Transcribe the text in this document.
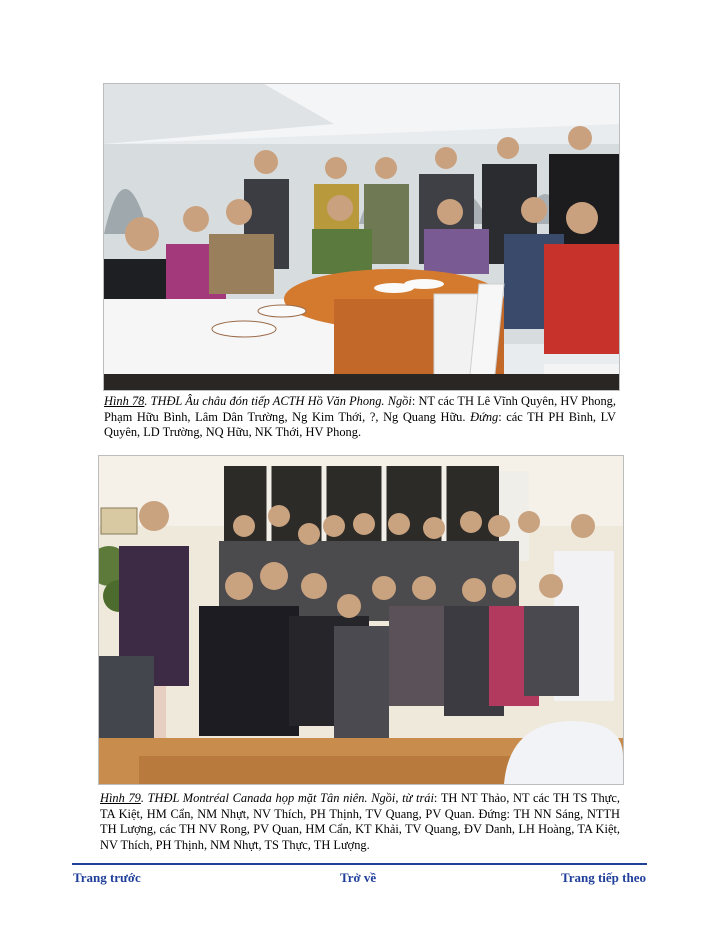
Hình 78. THĐL Âu châu đón tiếp ACTH Hồ Văn Phong. Ngồi: NT các TH Lê Vĩnh Quyên, HV Phong, Phạm Hữu Bình, Lâm Dân Trường, Ng Kim Thới, ?, Ng Quang Hữu. Đứng: các TH PH Bình, LV Quyên, LD Trường, NQ Hữu, NK Thới, HV Phong.
Hình 79. THĐL Montréal Canada họp mặt Tân niên. Ngồi, từ trái: TH NT Thảo, NT các TH TS Thực, TA Kiệt, HM Cẩn, NM Nhựt, NV Thích, PH Thịnh, TV Quang, PV Quan. Đứng: TH NN Sáng, NTTH TH Lượng, các TH NV Rong, PV Quan, HM Cẩn, KT Khải, TV Quang, ĐV Danh, LH Hoàng, TA Kiệt, NV Thích, PH Thịnh, NM Nhựt, TS Thực, TH Lượng.
Trang trước	Trở về	Trang tiếp theo
